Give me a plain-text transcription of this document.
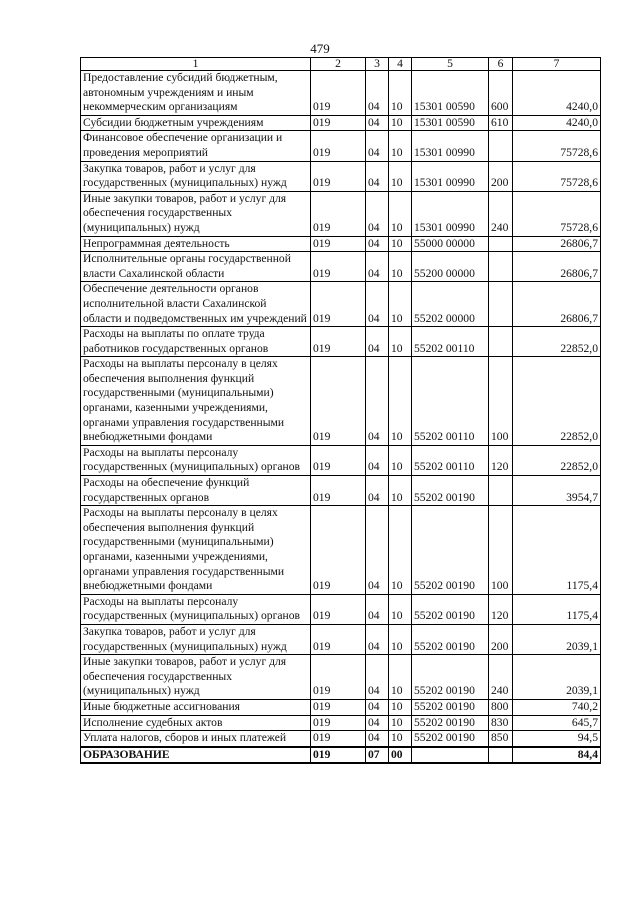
479
1	2	3	4	5	6	7
Предоставление субсидий бюджетным, автономным учреждениям и иным некоммерческим организациям	019	04	10	15301 00590	600	4240,0
Субсидии бюджетным учреждениям	019	04	10	15301 00590	610	4240,0
Финансовое обеспечение организации и проведения мероприятий	019	04	10	15301 00990		75728,6
Закупка товаров, работ и услуг для государственных (муниципальных) нужд	019	04	10	15301 00990	200	75728,6
Иные закупки товаров, работ и услуг для обеспечения государственных (муниципальных) нужд	019	04	10	15301 00990	240	75728,6
Непрограммная деятельность	019	04	10	55000 00000		26806,7
Исполнительные органы государственной власти Сахалинской области	019	04	10	55200 00000		26806,7
Обеспечение деятельности органов исполнительной власти Сахалинской области и подведомственных им учреждений	019	04	10	55202 00000		26806,7
Расходы на выплаты по оплате труда работников государственных органов	019	04	10	55202 00110		22852,0
Расходы на выплаты персоналу в целях обеспечения выполнения функций государственными (муниципальными) органами, казенными учреждениями, органами управления государственными внебюджетными фондами	019	04	10	55202 00110	100	22852,0
Расходы на выплаты персоналу государственных (муниципальных) органов	019	04	10	55202 00110	120	22852,0
Расходы на обеспечение функций государственных органов	019	04	10	55202 00190		3954,7
Расходы на выплаты персоналу в целях обеспечения выполнения функций государственными (муниципальными) органами, казенными учреждениями, органами управления государственными внебюджетными фондами	019	04	10	55202 00190	100	1175,4
Расходы на выплаты персоналу государственных (муниципальных) органов	019	04	10	55202 00190	120	1175,4
Закупка товаров, работ и услуг для государственных (муниципальных) нужд	019	04	10	55202 00190	200	2039,1
Иные закупки товаров, работ и услуг для обеспечения государственных (муниципальных) нужд	019	04	10	55202 00190	240	2039,1
Иные бюджетные ассигнования	019	04	10	55202 00190	800	740,2
Исполнение судебных актов	019	04	10	55202 00190	830	645,7
Уплата налогов, сборов и иных платежей	019	04	10	55202 00190	850	94,5
ОБРАЗОВАНИЕ	019	07	00			84,4
